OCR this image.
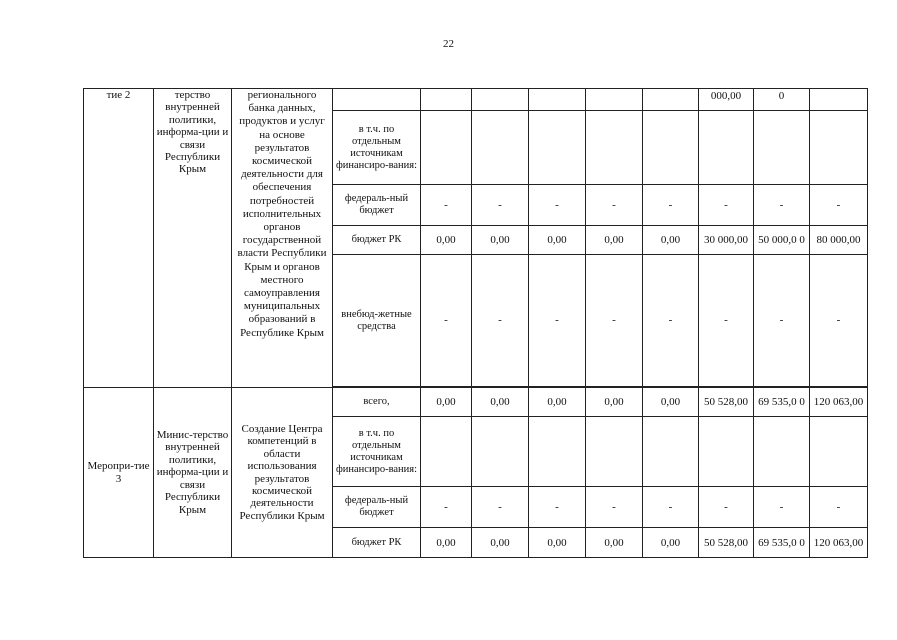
22
тие 2	терство внутренней политики, информа-ции и связи Республики Крым	регионального банка данных, продуктов и услуг на основе результатов космической деятельности для обеспечения потребностей исполнительных органов государственной власти Республики Крым и органов местного самоуправления муниципальных образований в Республике Крым							000,00	0	
			в т.ч. по отдельным источникам финансиро-вания:								
			федераль-ный бюджет	-	-	-	-	-	-	-	-
			бюджет РК	0,00	0,00	0,00	0,00	0,00	30 000,00	50 000,0 0	80 000,00
			внебюд-жетные средства	-	-	-	-	-	-	-	-

Меропри-тие 3	Минис-терство внутренней политики, информа-ции и связи Республики Крым	Создание Центра компетенций в области использования результатов космической деятельности Республики Крым	всего,	0,00	0,00	0,00	0,00	0,00	50 528,00	69 535,0 0	120 063,00
			в т.ч. по отдельным источникам финансиро-вания:								
			федераль-ный бюджет	-	-	-	-	-	-	-	-
			бюджет РК	0,00	0,00	0,00	0,00	0,00	50 528,00	69 535,0 0	120 063,00
